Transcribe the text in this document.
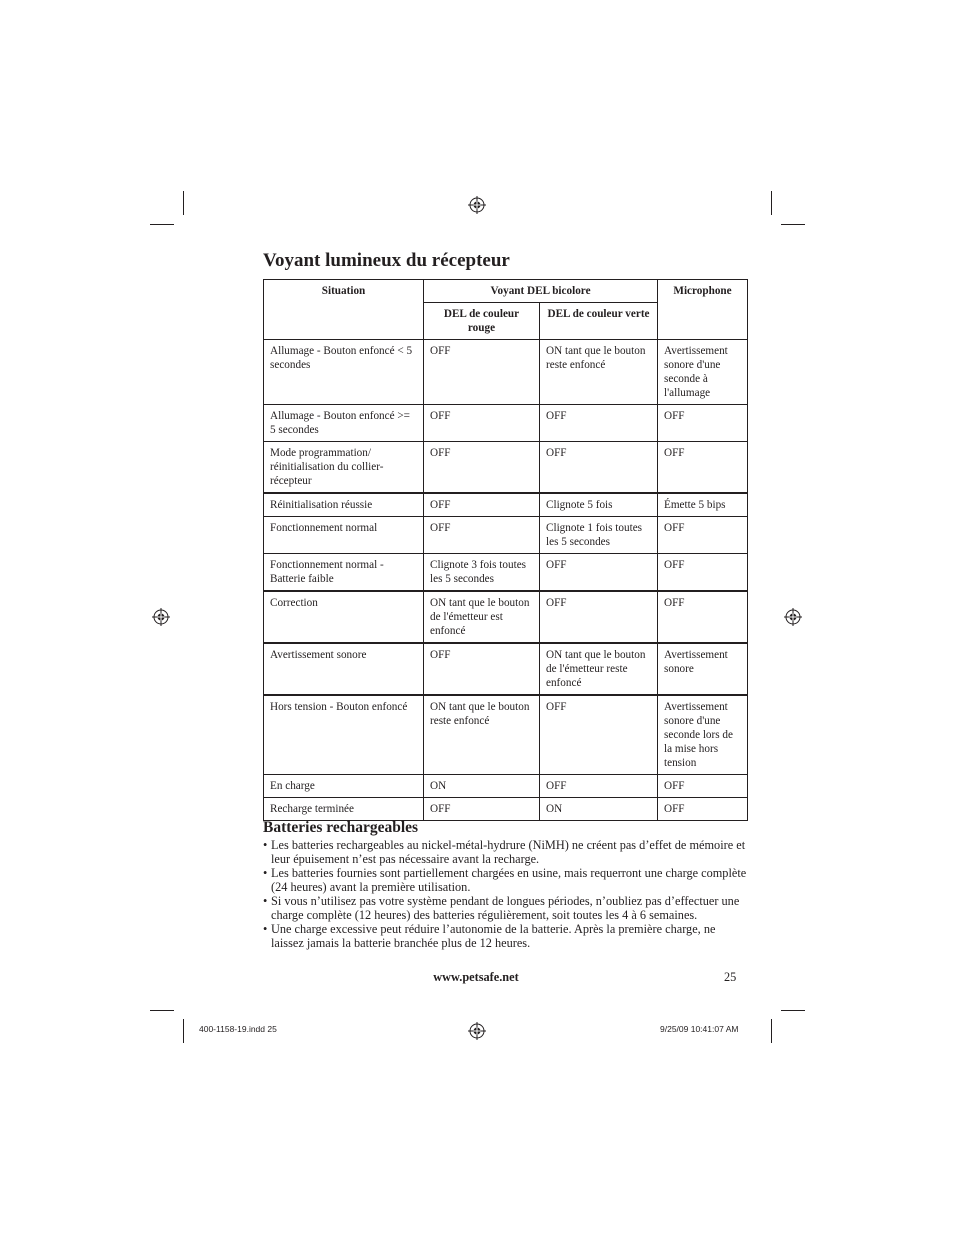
Voyant lumineux du récepteur
Situation	Voyant DEL bicolore		Microphone
	DEL de couleur rouge	DEL de couleur verte	
Allumage - Bouton enfoncé < 5 secondes	OFF	ON tant que le bouton reste enfoncé	Avertissement sonore d'une seconde à l'allumage
Allumage - Bouton enfoncé >= 5 secondes	OFF	OFF	OFF
Mode programmation/ réinitialisation du collier-récepteur	OFF	OFF	OFF
Réinitialisation réussie	OFF	Clignote 5 fois	Émette 5 bips
Fonctionnement normal	OFF	Clignote 1 fois toutes les 5 secondes	OFF
Fonctionnement normal - Batterie faible	Clignote 3 fois toutes les 5 secondes	OFF	OFF
Correction	ON tant que le bouton de l'émetteur est enfoncé	OFF	OFF
Avertissement sonore	OFF	ON tant que le bouton de l'émetteur reste enfoncé	Avertissement sonore
Hors tension - Bouton enfoncé	ON tant que le bouton reste enfoncé	OFF	Avertissement sonore d'une seconde lors de la mise hors tension
En charge	ON	OFF	OFF
Recharge terminée	OFF	ON	OFF
Batteries rechargeables
• Les batteries rechargeables au nickel-métal-hydrure (NiMH) ne créent pas d’effet de mémoire et leur épuisement n’est pas nécessaire avant la recharge.
• Les batteries fournies sont partiellement chargées en usine, mais requerront une charge complète (24 heures) avant la première utilisation.
• Si vous n’utilisez pas votre système pendant de longues périodes, n’oubliez pas d’effectuer une charge complète (12 heures) des batteries régulièrement, soit toutes les 4 à 6 semaines.
• Une charge excessive peut réduire l’autonomie de la batterie. Après la première charge, ne laissez jamais la batterie branchée plus de 12 heures.
www.petsafe.net	25
400-1158-19.indd 25	9/25/09 10:41:07 AM
